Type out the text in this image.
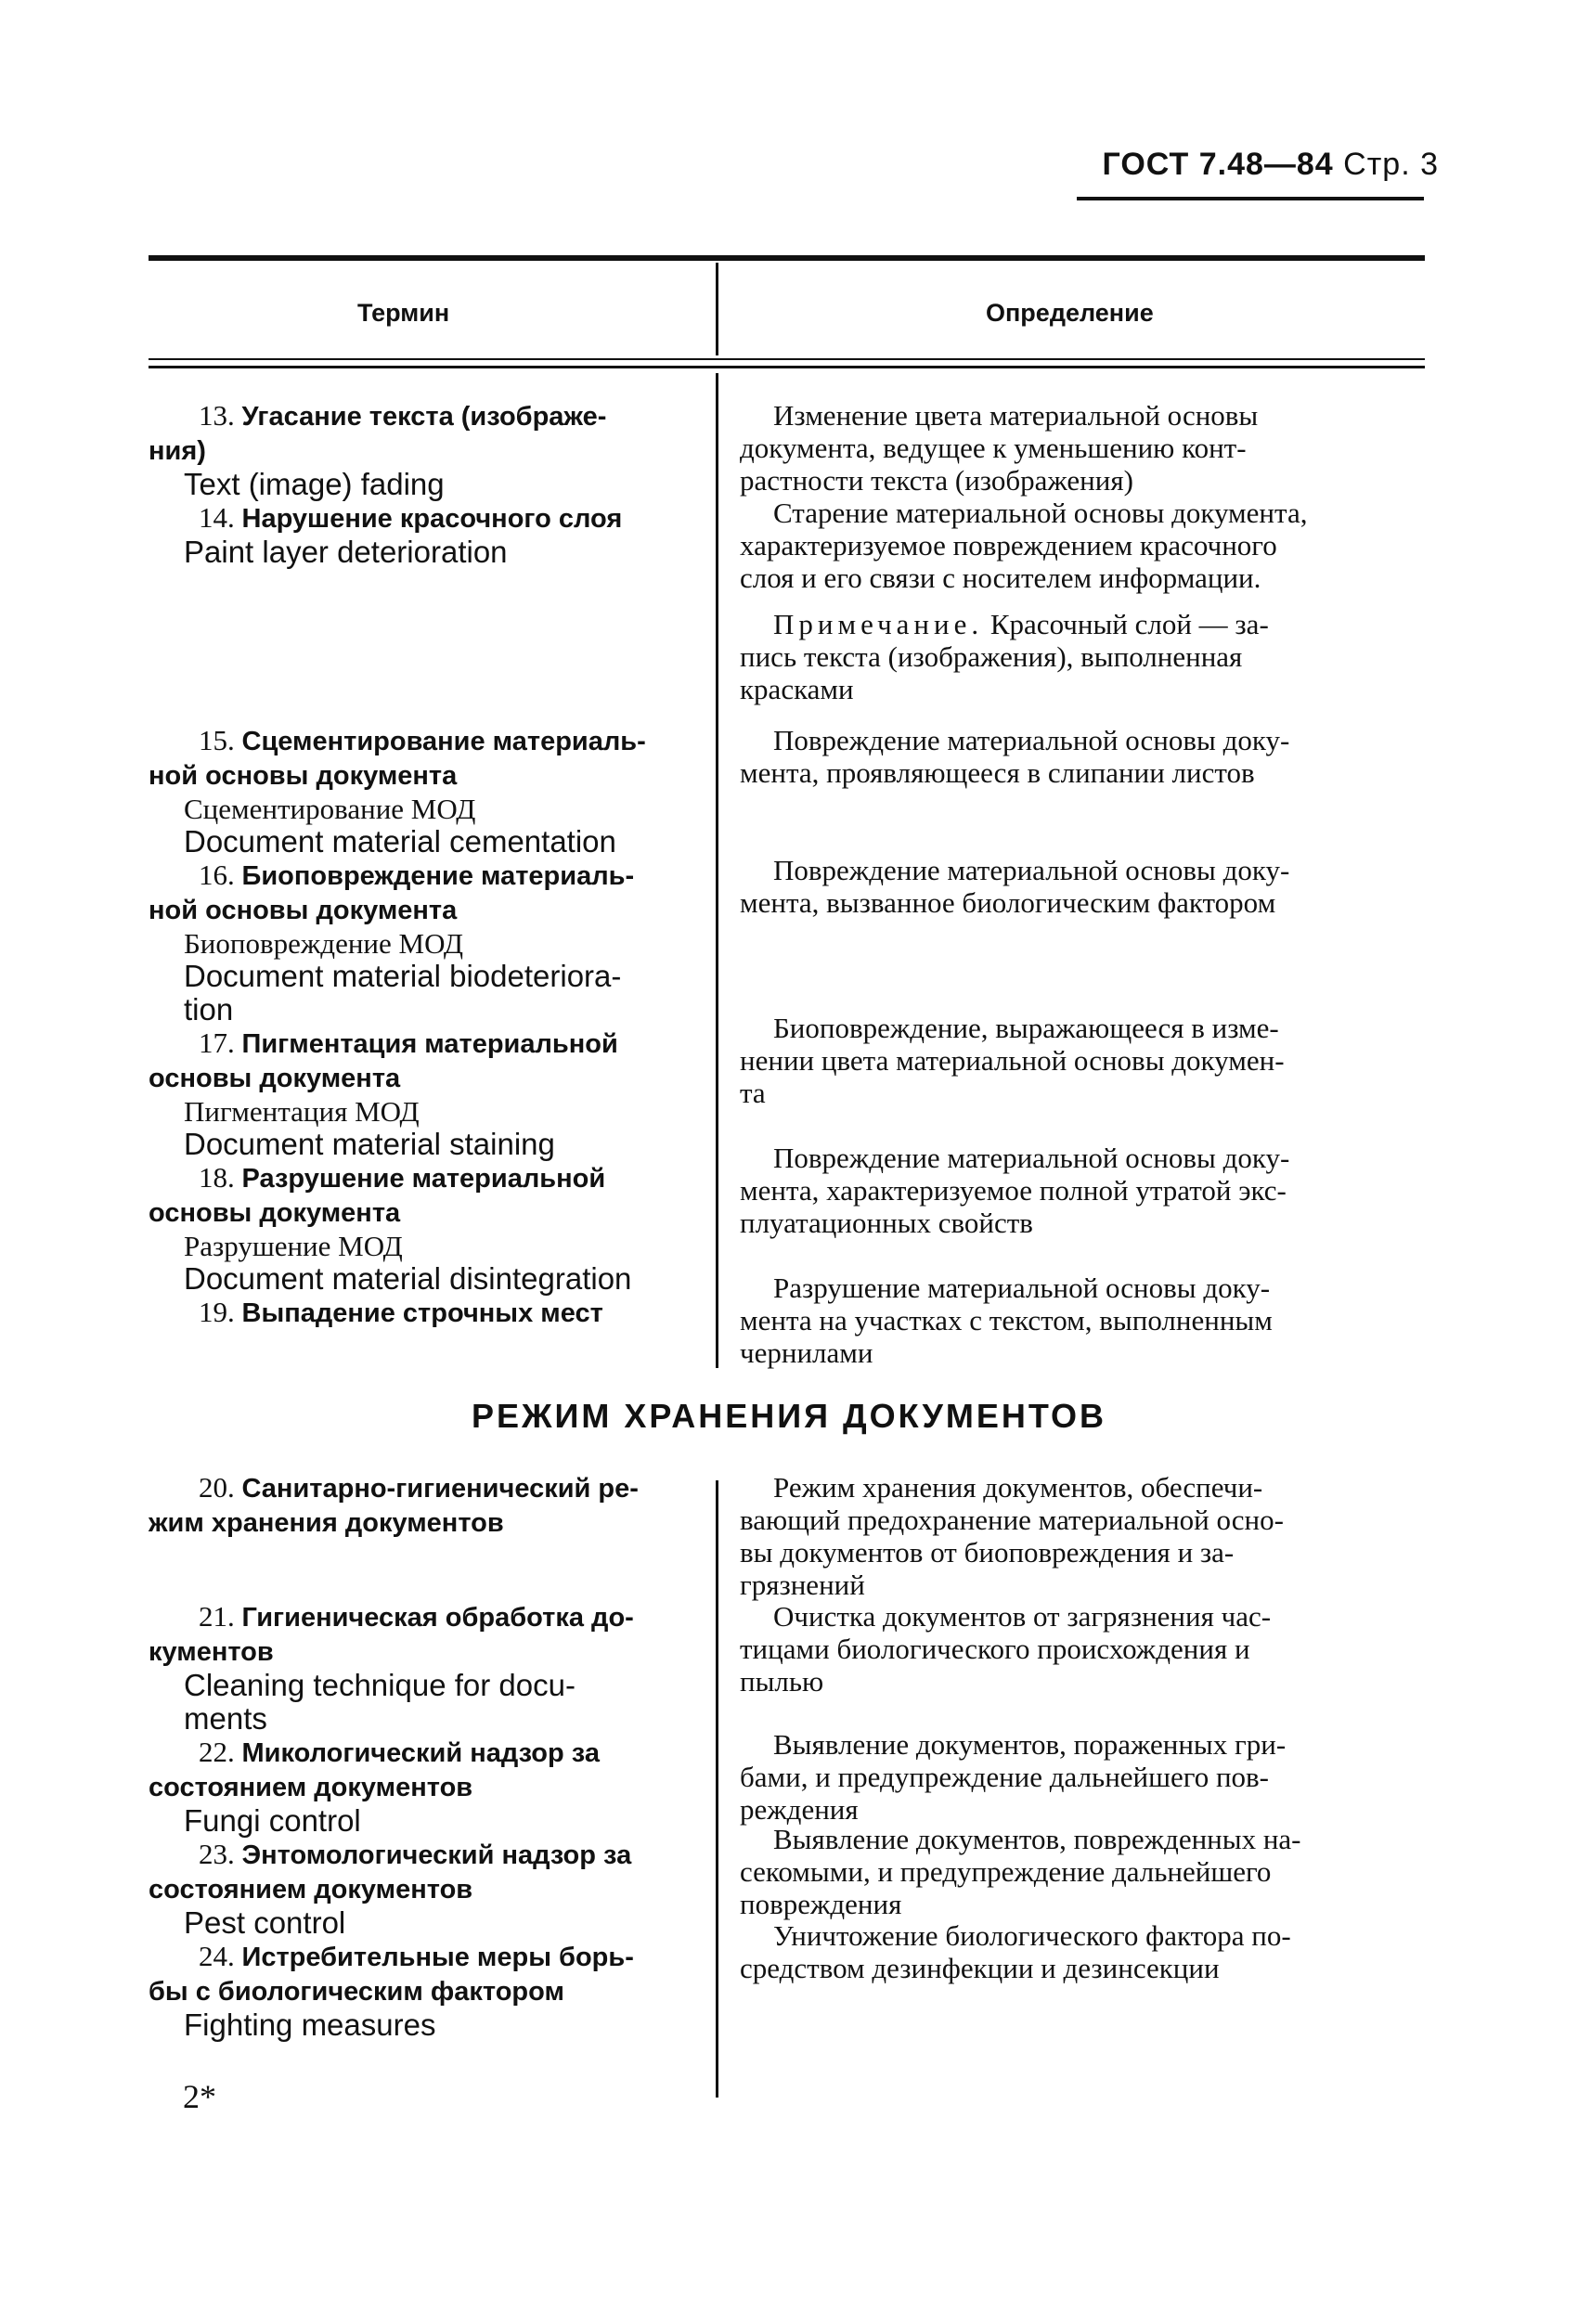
ГОСТ 7.48—84 Стр. 3
Термин	Определение
13. Угасание текста (изображе-
ния)
Text (image) fading
14. Нарушение красочного слоя
Paint layer deterioration
15. Сцементирование материаль-
ной основы документа
Сцементирование МОД
Document material cementation
16. Биоповреждение материаль-
ной основы документа
Биоповреждение МОД
Document material biodeteriora-
tion
17. Пигментация материальной
основы документа
Пигментация МОД
Document material staining
18. Разрушение материальной
основы документа
Разрушение МОД
Document material disintegration
19. Выпадение строчных мест
20. Санитарно-гигиенический ре-
жим хранения документов
21. Гигиеническая обработка до-
кументов
Cleaning technique for docu-
ments
22. Микологический надзор за
состоянием документов
Fungi control
23. Энтомологический надзор за
состоянием документов
Pest control
24. Истребительные меры борь-
бы с биологическим фактором
Fighting measures
Изменение цвета материальной основы
документа, ведущее к уменьшению конт-
растности текста (изображения)
Старение материальной основы документа,
характеризуемое повреждением красочного
слоя и его связи с носителем информации.
Примечание. Красочный слой — за-
пись текста (изображения), выполненная
красками
Повреждение материальной основы доку-
мента, проявляющееся в слипании листов
Повреждение материальной основы доку-
мента, вызванное биологическим фактором
Биоповреждение, выражающееся в изме-
нении цвета материальной основы докумен-
та
Повреждение материальной основы доку-
мента, характеризуемое полной утратой экс-
плуатационных свойств
Разрушение материальной основы доку-
мента на участках с текстом, выполненным
чернилами
РЕЖИМ ХРАНЕНИЯ ДОКУМЕНТОВ
Режим хранения документов, обеспечи-
вающий предохранение материальной осно-
вы документов от биоповреждения и за-
грязнений
Очистка документов от загрязнения час-
тицами биологического происхождения и
пылью
Выявление документов, пораженных гри-
бами, и предупреждение дальнейшего пов-
реждения
Выявление документов, поврежденных на-
секомыми, и предупреждение дальнейшего
повреждения
Уничтожение биологического фактора по-
средством дезинфекции и дезинсекции
2*
